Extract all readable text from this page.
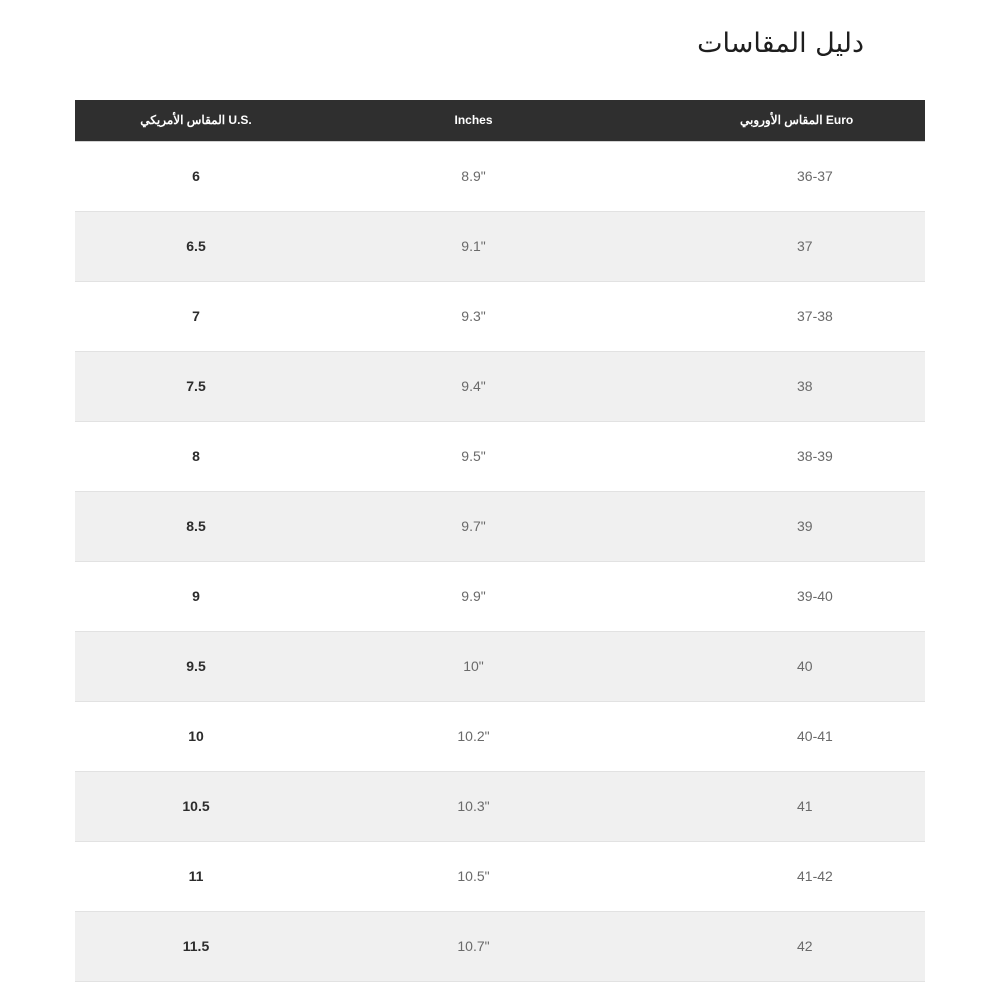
دليل المقاسات
المقاس الأمريكي U.S.	Inches	المقاس الأوروبي Euro
6	8.9"	36-37
6.5	9.1"	37
7	9.3"	37-38
7.5	9.4"	38
8	9.5"	38-39
8.5	9.7"	39
9	9.9"	39-40
9.5	10"	40
10	10.2"	40-41
10.5	10.3"	41
11	10.5"	41-42
11.5	10.7"	42
